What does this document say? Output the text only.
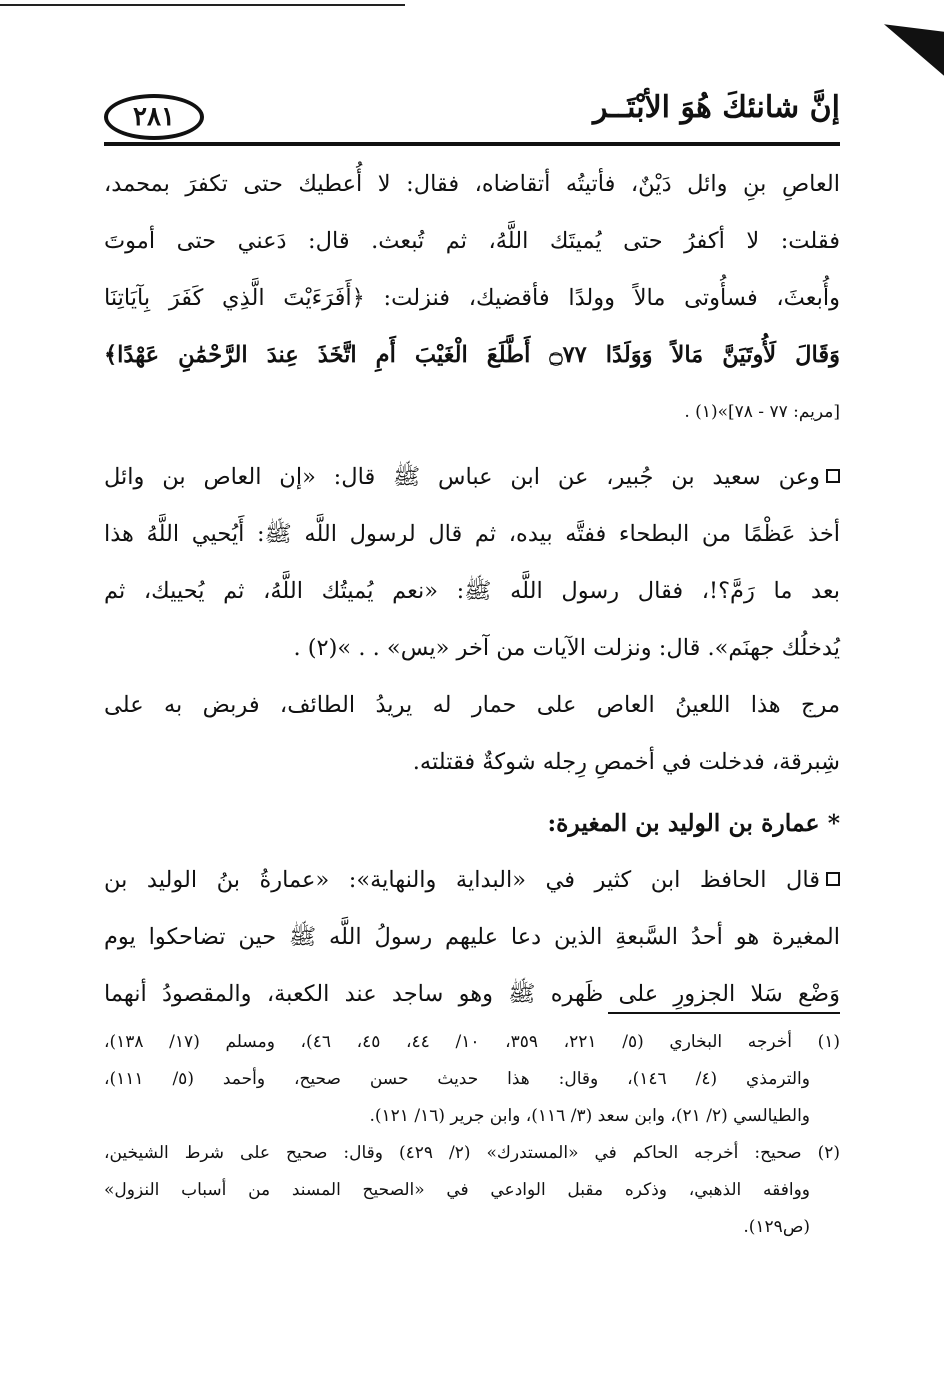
٢٨١	إنَّ شانئكَ هُوَ الأبْتَــر

العاصِ بنِ وائل دَيْنٌ، فأتيتُه أتقاضاه، فقال: لا أُعطيك حتى تكفرَ بمحمد،
فقلت: لا أكفرُ حتى يُميتَك اللَّهُ، ثم تُبعث. قال: دَعني حتى أموتَ
وأُبعثَ، فسأُوتى مالاً وولدًا فأقضيك، فنزلت: ﴿أَفَرَءَيْتَ الَّذِي كَفَرَ بِآيَاتِنَا
وَقَالَ لَأُوتَيَنَّ مَالاً وَوَلَدًا ۝٧٧ أَطَّلَعَ الْغَيْبَ أَمِ اتَّخَذَ عِندَ الرَّحْمَٰنِ عَهْدًا﴾
[مريم: ٧٧ - ٧٨]»(١) .

وعن سعيد بن جُبير، عن ابن عباس ﷺ قال: «إن العاص بن وائل
أخذ عَظْمًا من البطحاء ففتَّه بيده، ثم قال لرسول اللَّه ﷺ: أَيُحيي اللَّهُ هذا
بعد ما رَمَّ؟!، فقال رسول اللَّه ﷺ: «نعم يُميتُك اللَّهُ، ثم يُحييك، ثم
يُدخلُك جهنَم». قال: ونزلت الآيات من آخر «يس» . . »(٢) .

مرج هذا اللعينُ العاص على حمار له يريدُ الطائف، فربض به على
شِبرقة، فدخلت في أخمصِ رِجله شوكةٌ فقتلته.

* عمارة بن الوليد بن المغيرة:

قال الحافظ ابن كثير في «البداية والنهاية»: «عمارةُ بنُ الوليد بن
المغيرة هو أحدُ السَّبعةِ الذين دعا عليهم رسولُ اللَّه ﷺ حين تضاحكوا يوم
وَضْع سَلا الجزورِ على ظَهره ﷺ وهو ساجد عند الكعبة، والمقصودُ أنهما

(١) أخرجه البخاري (٥/ ٢٢١، ٣٥٩، ١٠/ ٤٤، ٤٥، ٤٦)، ومسلم (١٧/ ١٣٨)،
والترمذي (٤/ ١٤٦)، وقال: هذا حديث حسن صحيح، وأحمد (٥/ ١١١)،
والطيالسي (٢/ ٢١)، وابن سعد (٣/ ١١٦)، وابن جرير (١٦/ ١٢١).

(٢) صحيح: أخرجه الحاكم في «المستدرك» (٢/ ٤٢٩) وقال: صحيح على شرط الشيخين،
ووافقه الذهبي، وذكره مقبل الوادعي في «الصحيح المسند من أسباب النزول»
(ص١٢٩).
